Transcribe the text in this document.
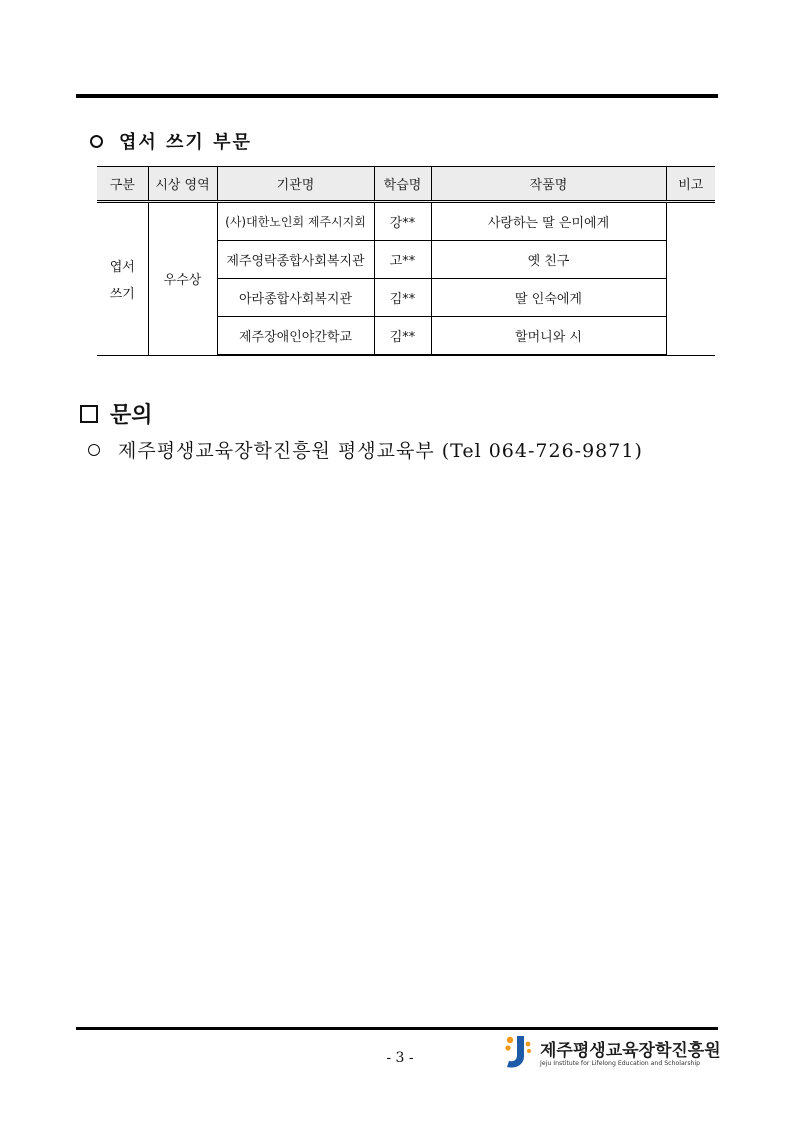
엽서 쓰기 부문
구분	시상 영역	기관명	학습명	작품명	비고

엽서
쓰기	우수상	(사)대한노인회 제주시지회	강**	사랑하는 딸 은미에게	
		제주영락종합사회복지관	고**	옛 친구	
		아라종합사회복지관	김**	딸 인숙에게	
		제주장애인야간학교	김**	할머니와 시	
문의
제주평생교육장학진흥원 평생교육부 (Tel 064-726-9871)
- 3 -	제주평생교육장학진흥원
Jeju Institute for Lifelong Education and Scholarship
